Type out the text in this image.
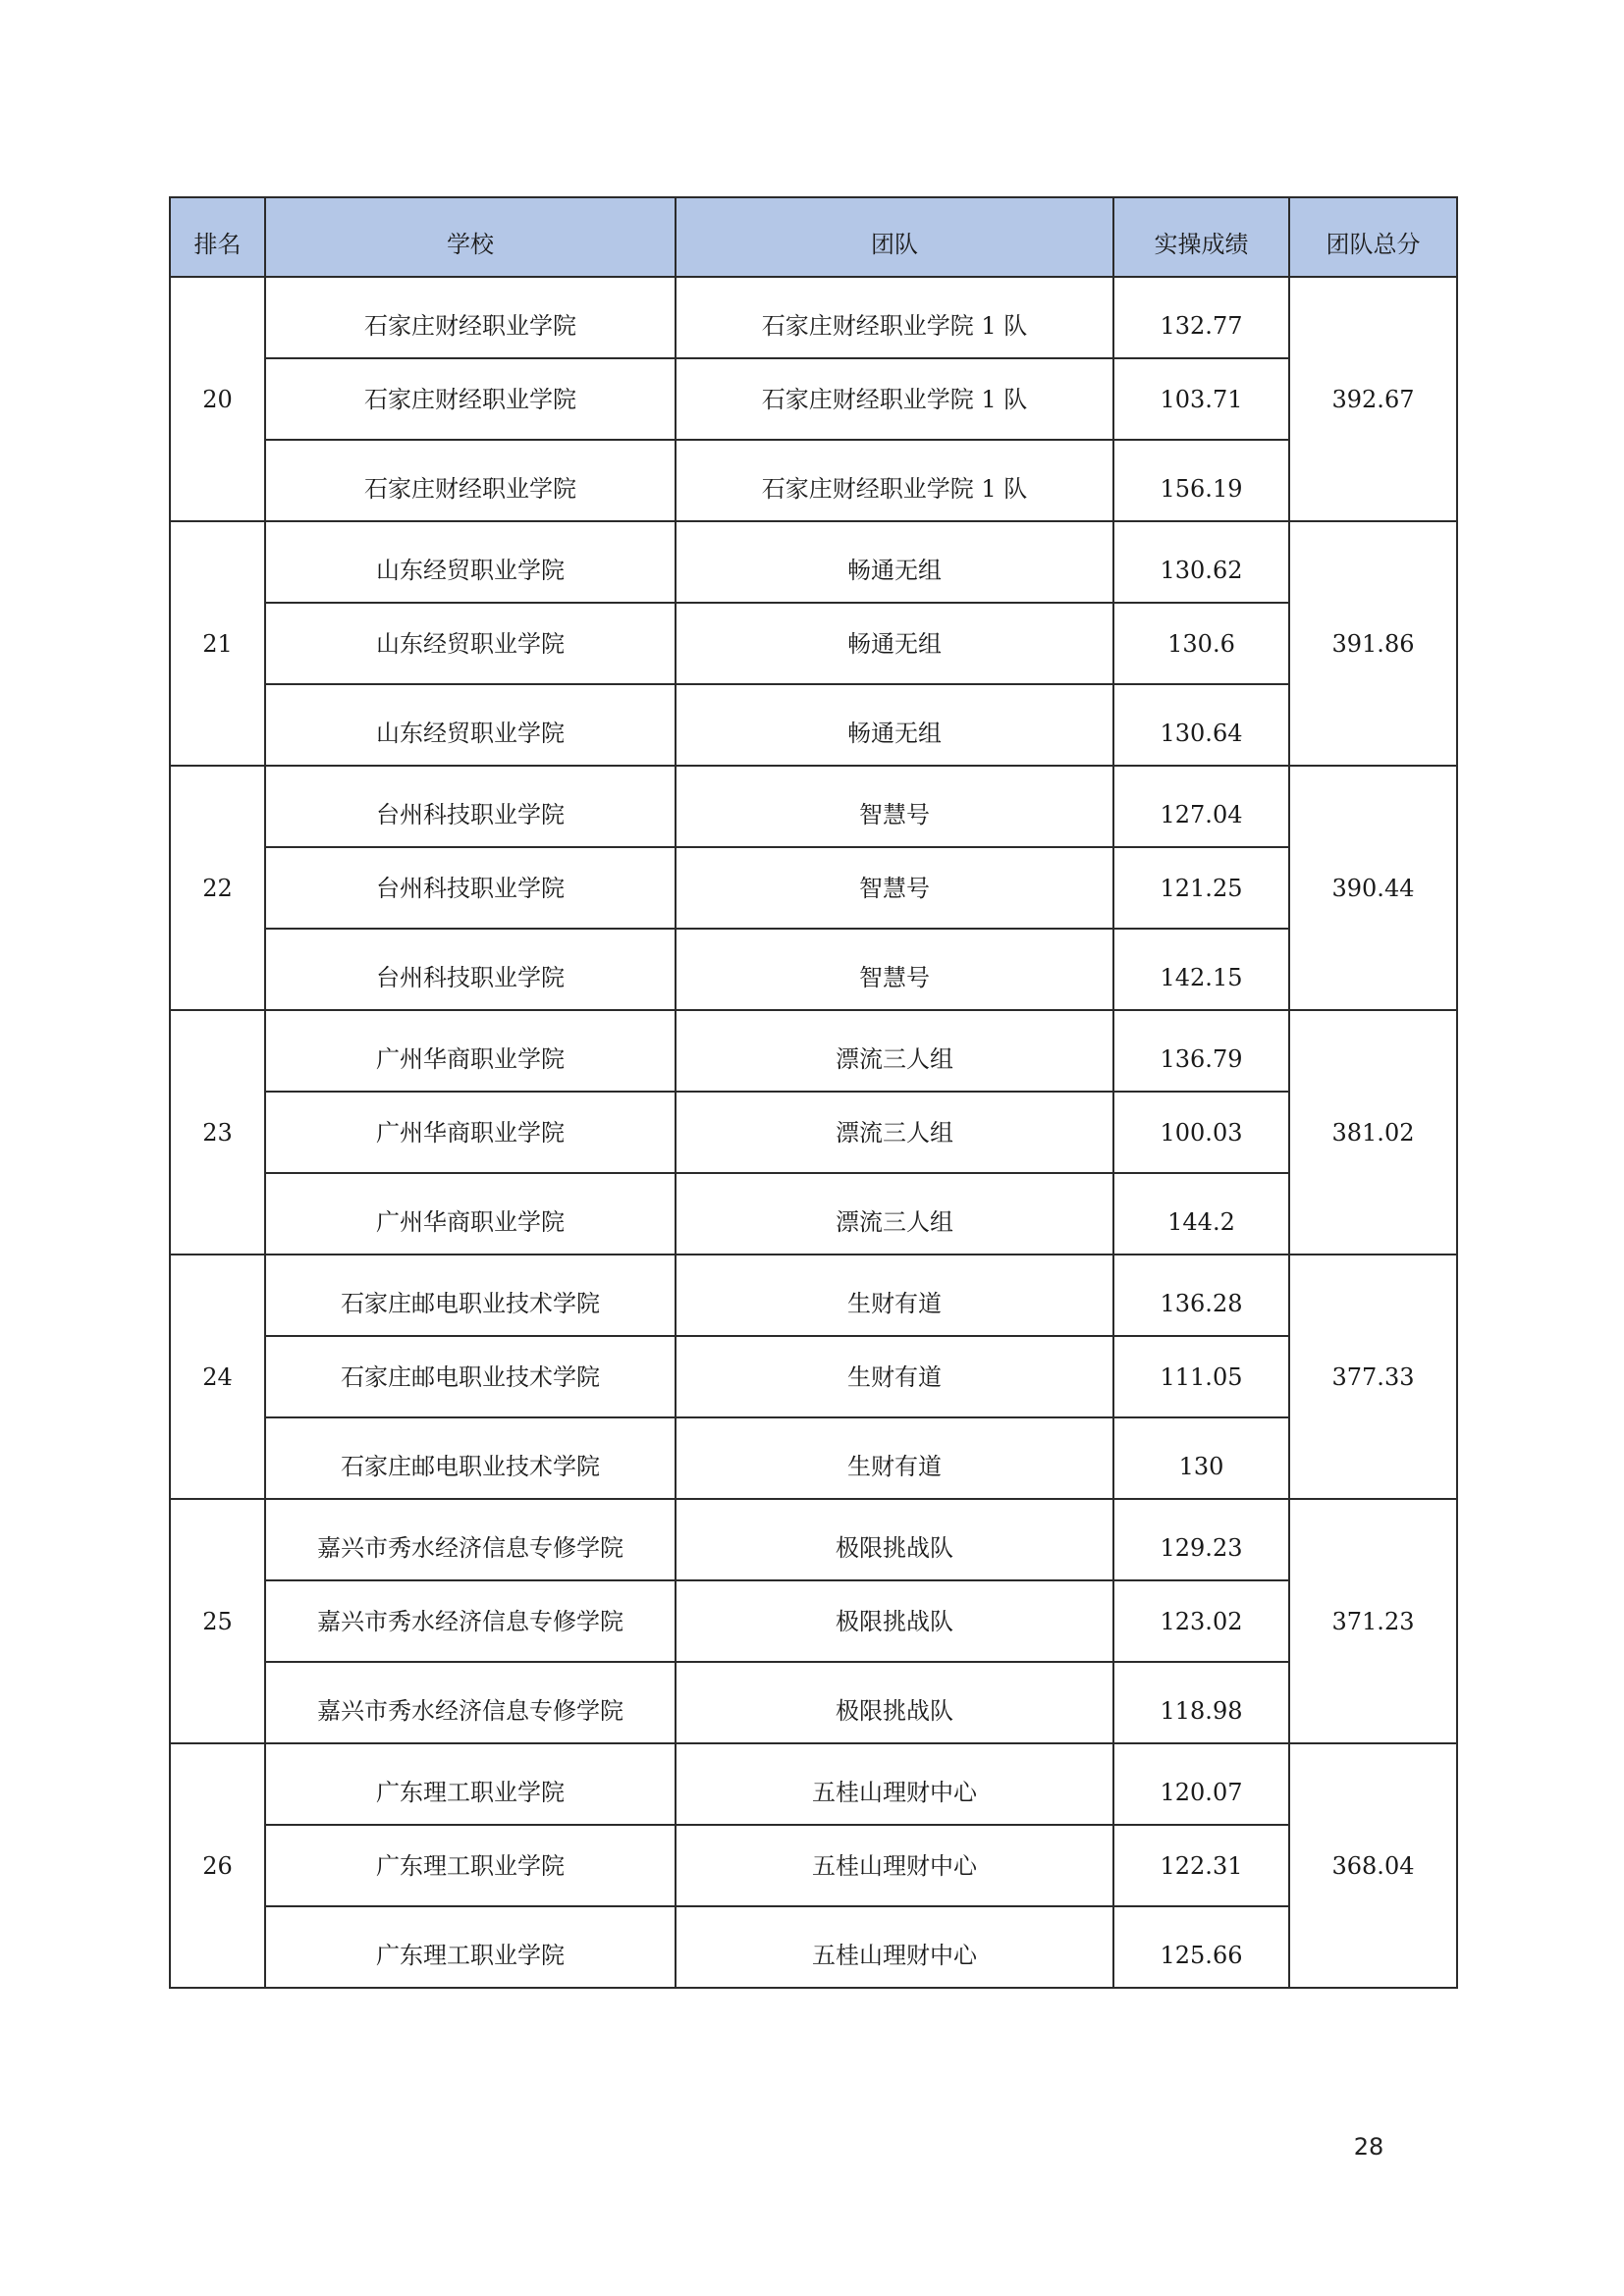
排名	学校	团队	实操成绩	团队总分
20	石家庄财经职业学院	石家庄财经职业学院 1 队	132.77	392.67
	石家庄财经职业学院	石家庄财经职业学院 1 队	103.71	
	石家庄财经职业学院	石家庄财经职业学院 1 队	156.19	
21	山东经贸职业学院	畅通无组	130.62	391.86
	山东经贸职业学院	畅通无组	130.6	
	山东经贸职业学院	畅通无组	130.64	
22	台州科技职业学院	智慧号	127.04	390.44
	台州科技职业学院	智慧号	121.25	
	台州科技职业学院	智慧号	142.15	
23	广州华商职业学院	漂流三人组	136.79	381.02
	广州华商职业学院	漂流三人组	100.03	
	广州华商职业学院	漂流三人组	144.2	
24	石家庄邮电职业技术学院	生财有道	136.28	377.33
	石家庄邮电职业技术学院	生财有道	111.05	
	石家庄邮电职业技术学院	生财有道	130	
25	嘉兴市秀水经济信息专修学院	极限挑战队	129.23	371.23
	嘉兴市秀水经济信息专修学院	极限挑战队	123.02	
	嘉兴市秀水经济信息专修学院	极限挑战队	118.98	
26	广东理工职业学院	五桂山理财中心	120.07	368.04
	广东理工职业学院	五桂山理财中心	122.31	
	广东理工职业学院	五桂山理财中心	125.66	
28
